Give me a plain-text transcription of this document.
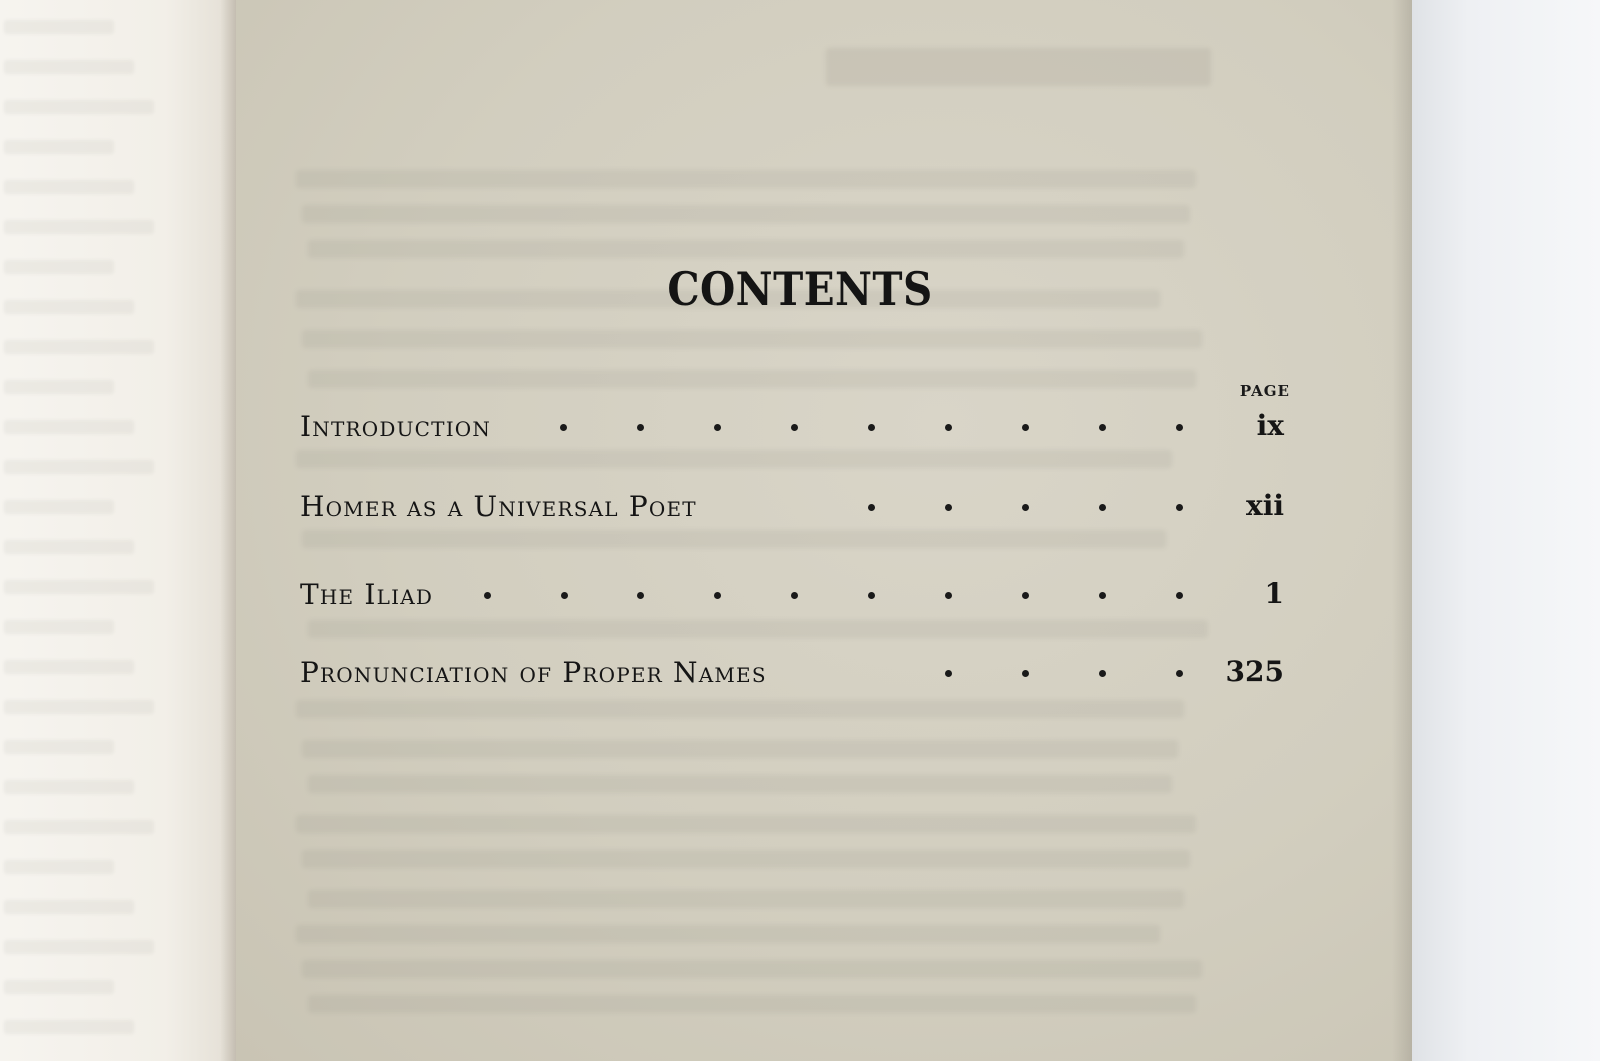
CONTENTS
PAGE
Introduction	ix
Homer as a Universal Poet	xii
The Iliad	1
Pronunciation of Proper Names	325
